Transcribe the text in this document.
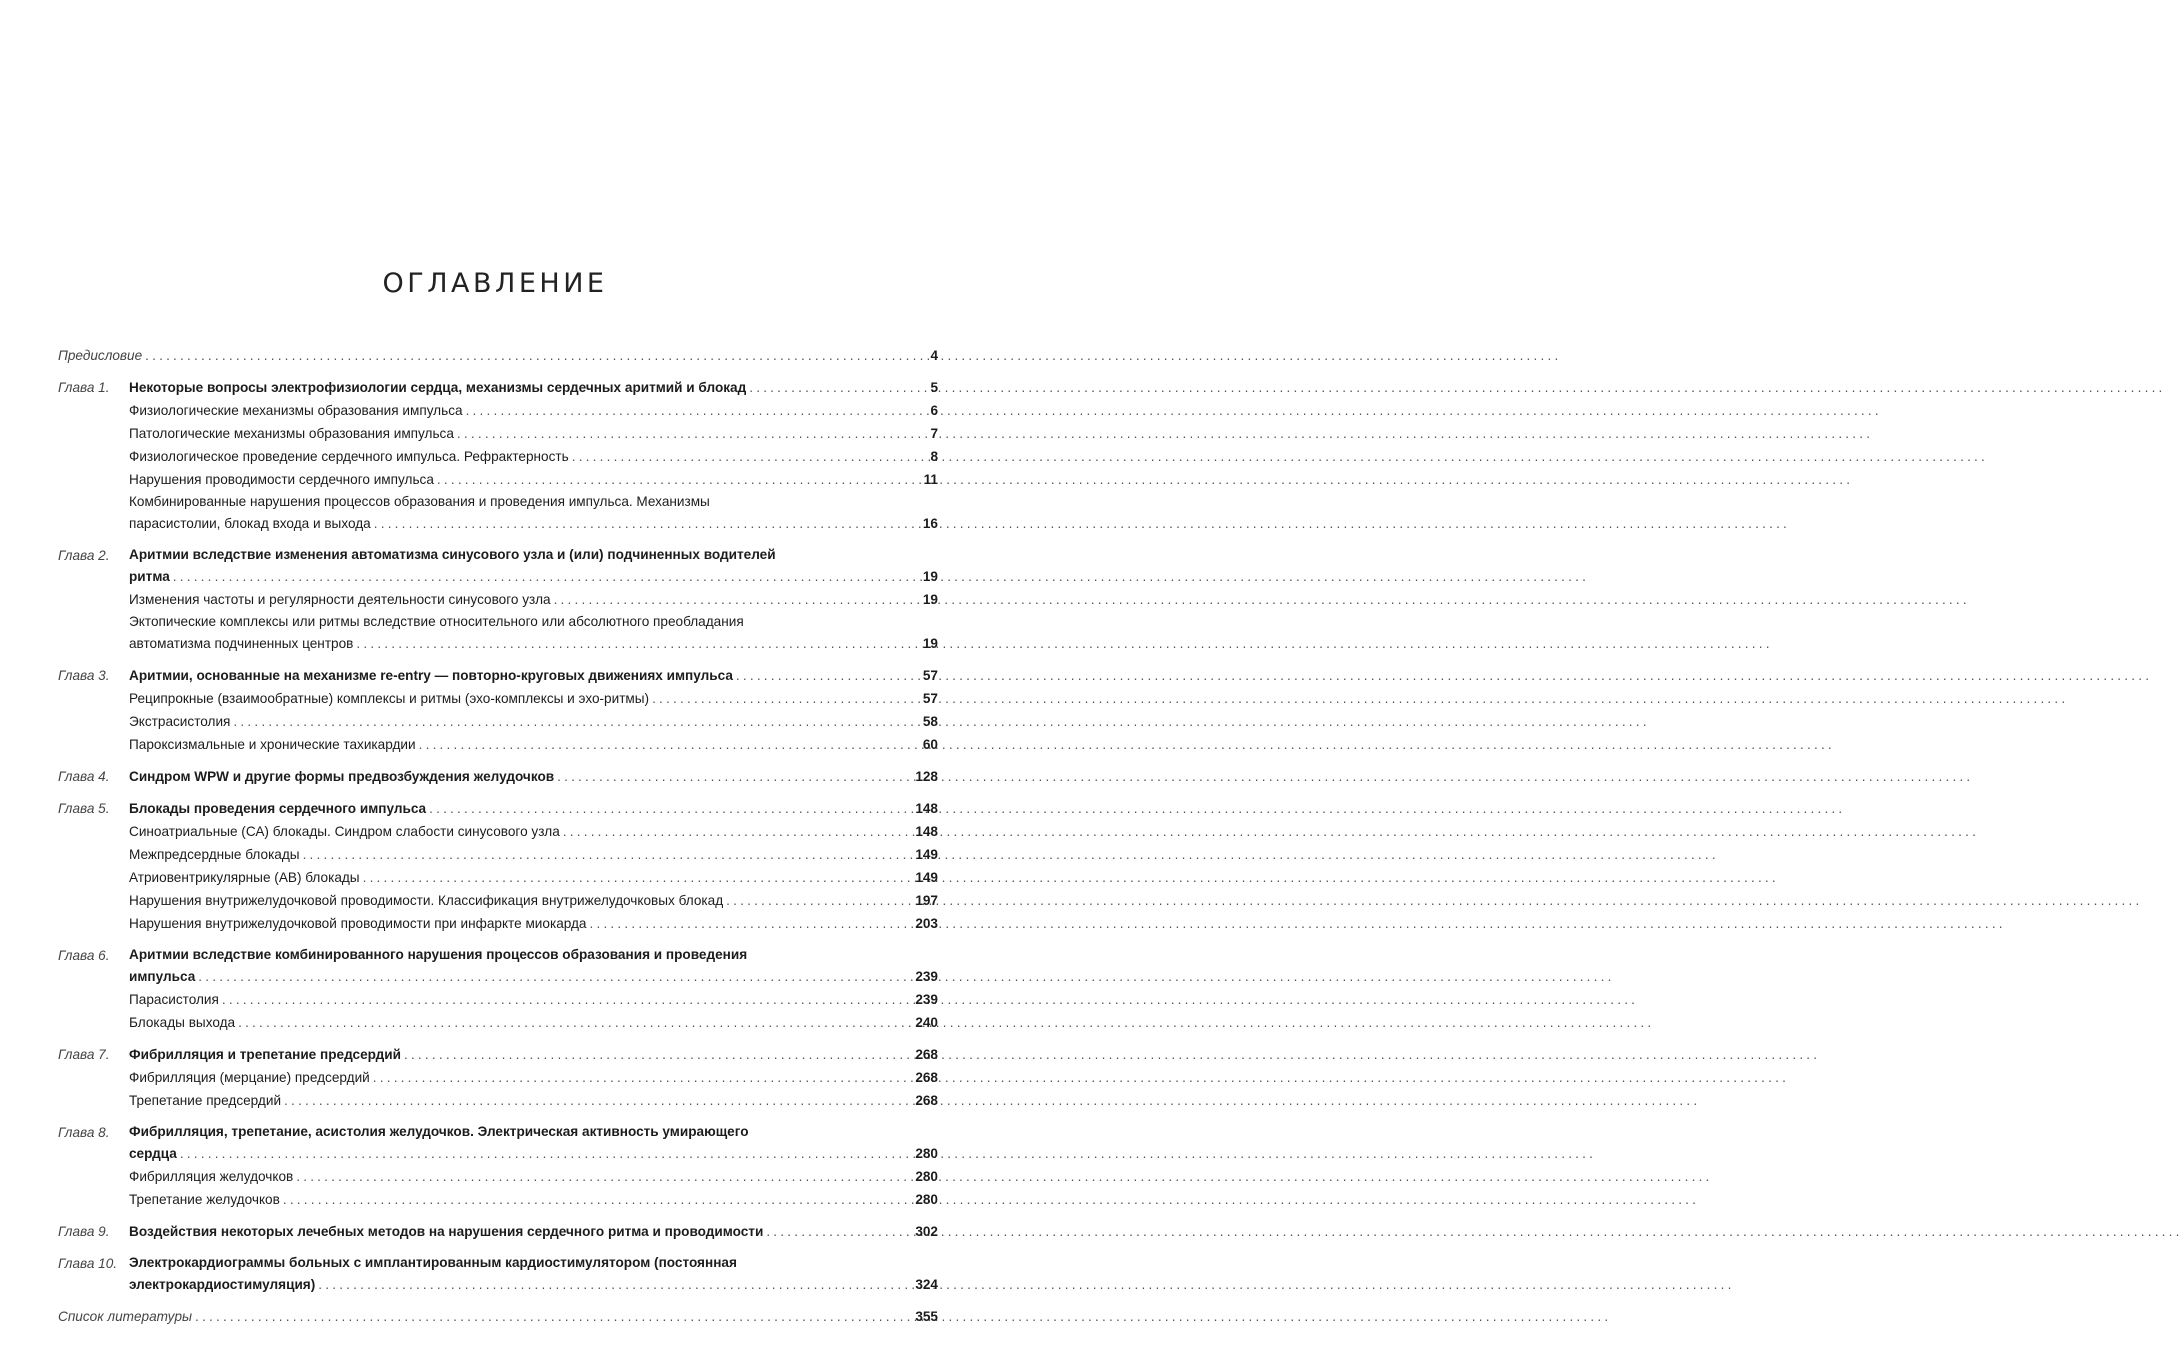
ОГЛАВЛЕНИЕ
Предисловие .....	4
Глава 1.	Некоторые вопросы электрофизиологии сердца, механизмы сердечных аритмий и блокад .....	5
Физиологические механизмы образования импульса .....	6
Патологические механизмы образования импульса .....	7
Физиологическое проведение сердечного импульса. Рефрактерность .....	8
Нарушения проводимости сердечного импульса .....	11
Комбинированные нарушения процессов образования и проведения импульса. Механизмы
парасистолии, блокад входа и выхода .....	16
Глава 2.	Аритмии вследствие изменения автоматизма синусового узла и (или) подчиненных водителей
ритма .....	19
Изменения частоты и регулярности деятельности синусового узла .....	19
Эктопические комплексы или ритмы вследствие относительного или абсолютного преобладания
автоматизма подчиненных центров .....	19
Глава 3.	Аритмии, основанные на механизме re-entry — повторно-круговых движениях импульса .....	57
Реципрокные (взаимообратные) комплексы и ритмы (эхо-комплексы и эхо-ритмы) .....	57
Экстрасистолия .....	58
Пароксизмальные и хронические тахикардии .....	60
Глава 4.	Синдром WPW и другие формы предвозбуждения желудочков .....	128
Глава 5.	Блокады проведения сердечного импульса .....	148
Синоатриальные (СА) блокады. Синдром слабости синусового узла .....	148
Межпредсердные блокады .....	149
Атриовентрикулярные (АВ) блокады .....	149
Нарушения внутрижелудочковой проводимости. Классификация внутрижелудочковых блокад .....	197
Нарушения внутрижелудочковой проводимости при инфаркте миокарда .....	203
Глава 6.	Аритмии вследствие комбинированного нарушения процессов образования и проведения
импульса .....	239
Парасистолия .....	239
Блокады выхода .....	240
Глава 7.	Фибрилляция и трепетание предсердий .....	268
Фибрилляция (мерцание) предсердий .....	268
Трепетание предсердий .....	268
Глава 8.	Фибрилляция, трепетание, асистолия желудочков. Электрическая активность умирающего
сердца .....	280
Фибрилляция желудочков .....	280
Трепетание желудочков .....	280
Глава 9.	Воздействия некоторых лечебных методов на нарушения сердечного ритма и проводимости .....	302
Глава 10. Электрокардиограммы больных с имплантированным кардиостимулятором (постоянная
электрокардиостимуляция) .....	324
Список литературы .....	355
